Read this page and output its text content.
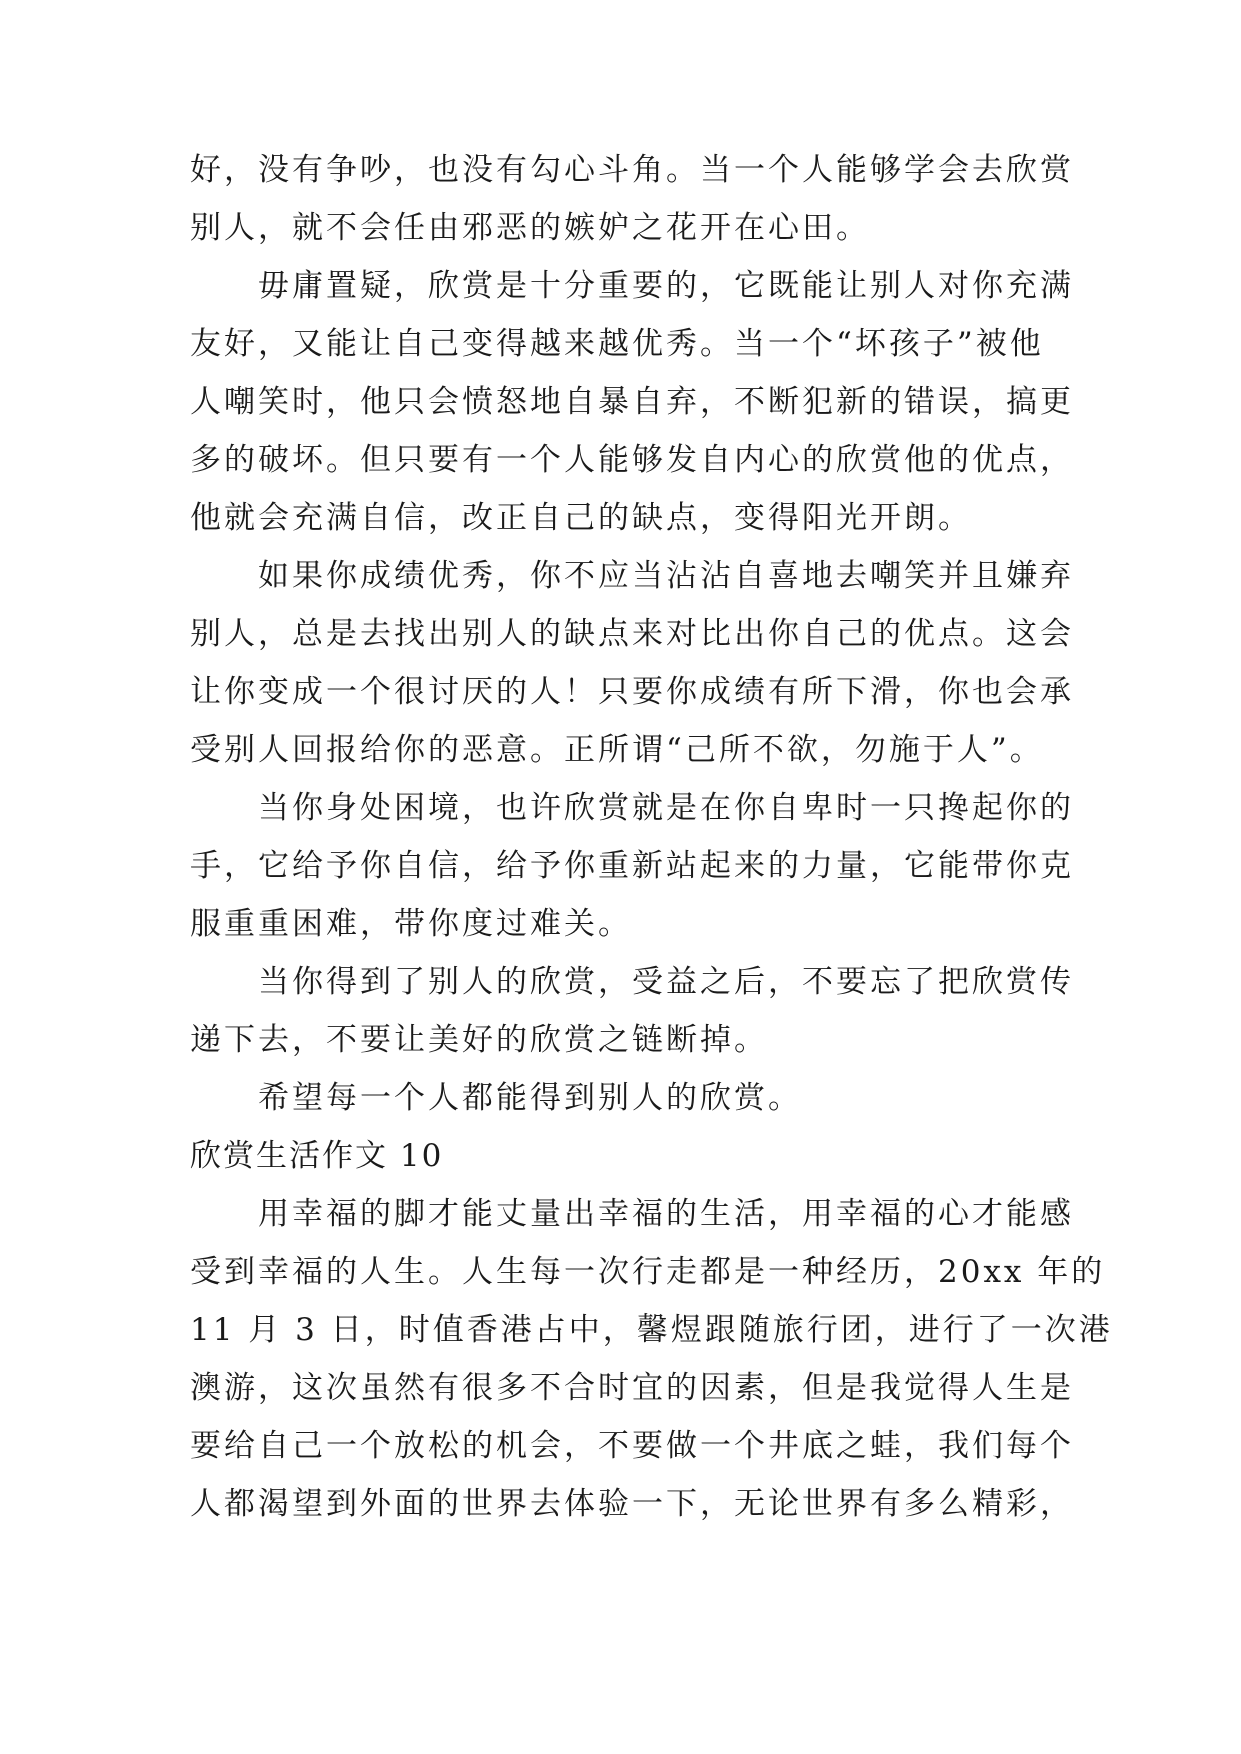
好，没有争吵，也没有勾心斗角。当一个人能够学会去欣赏
别人，就不会任由邪恶的嫉妒之花开在心田。
毋庸置疑，欣赏是十分重要的，它既能让别人对你充满
友好，又能让自己变得越来越优秀。当一个“坏孩子”被他
人嘲笑时，他只会愤怒地自暴自弃，不断犯新的错误，搞更
多的破坏。但只要有一个人能够发自内心的欣赏他的优点，
他就会充满自信，改正自己的缺点，变得阳光开朗。
如果你成绩优秀，你不应当沾沾自喜地去嘲笑并且嫌弃
别人，总是去找出别人的缺点来对比出你自己的优点。这会
让你变成一个很讨厌的人！只要你成绩有所下滑，你也会承
受别人回报给你的恶意。正所谓“己所不欲，勿施于人”。
当你身处困境，也许欣赏就是在你自卑时一只搀起你的
手，它给予你自信，给予你重新站起来的力量，它能带你克
服重重困难，带你度过难关。
当你得到了别人的欣赏，受益之后，不要忘了把欣赏传
递下去，不要让美好的欣赏之链断掉。
希望每一个人都能得到别人的欣赏。
欣赏生活作文 10
用幸福的脚才能丈量出幸福的生活，用幸福的心才能感
受到幸福的人生。人生每一次行走都是一种经历，20xx 年的
11 月 3 日，时值香港占中，馨煜跟随旅行团，进行了一次港
澳游，这次虽然有很多不合时宜的因素，但是我觉得人生是
要给自己一个放松的机会，不要做一个井底之蛙，我们每个
人都渴望到外面的世界去体验一下，无论世界有多么精彩，
